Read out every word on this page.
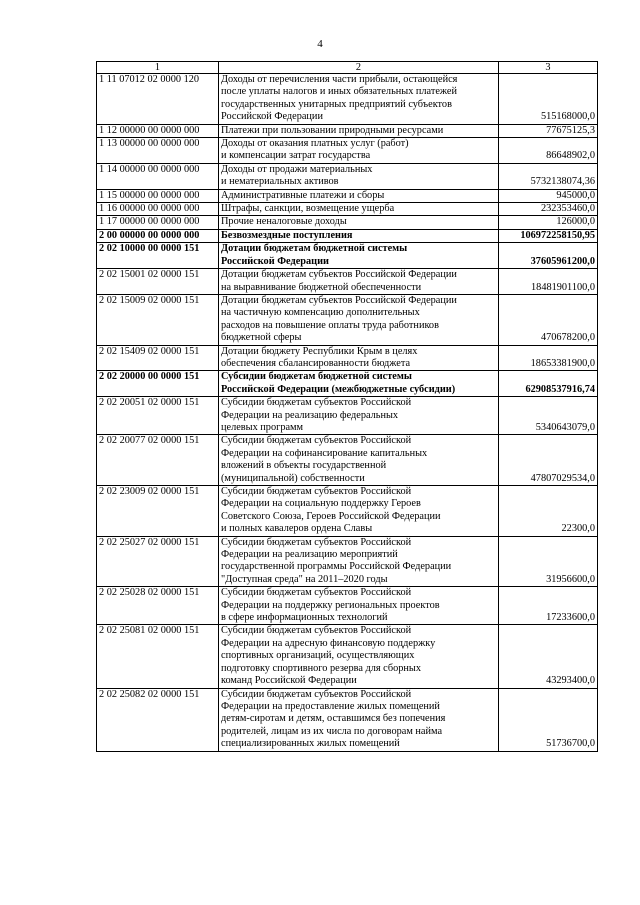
4
1	2	3
1 11 07012 02 0000 120	Доходы от перечисления части прибыли, остающейся
после уплаты налогов и иных обязательных платежей
государственных унитарных предприятий субъектов
Российской Федерации	515168000,0
1 12 00000 00 0000 000	Платежи при пользовании природными ресурсами	77675125,3
1 13 00000 00 0000 000	Доходы от оказания платных услуг (работ)
и компенсации затрат государства	86648902,0
1 14 00000 00 0000 000	Доходы от продажи материальных
и нематериальных активов	5732138074,36
1 15 00000 00 0000 000	Административные платежи и сборы	945000,0
1 16 00000 00 0000 000	Штрафы, санкции, возмещение ущерба	232353460,0
1 17 00000 00 0000 000	Прочие неналоговые доходы	126000,0
2 00 00000 00 0000 000	Безвозмездные поступления	106972258150,95
2 02 10000 00 0000 151	Дотации бюджетам бюджетной системы
Российской Федерации	37605961200,0
2 02 15001 02 0000 151	Дотации бюджетам субъектов Российской Федерации
на выравнивание бюджетной обеспеченности	18481901100,0
2 02 15009 02 0000 151	Дотации бюджетам субъектов Российской Федерации
на частичную компенсацию дополнительных
расходов на повышение оплаты труда работников
бюджетной сферы	470678200,0
2 02 15409 02 0000 151	Дотации бюджету Республики Крым в целях
обеспечения сбалансированности бюджета	18653381900,0
2 02 20000 00 0000 151	Субсидии бюджетам бюджетной системы
Российской Федерации (межбюджетные субсидии)	62908537916,74
2 02 20051 02 0000 151	Субсидии бюджетам субъектов Российской
Федерации на реализацию федеральных
целевых программ	5340643079,0
2 02 20077 02 0000 151	Субсидии бюджетам субъектов Российской
Федерации на софинансирование капитальных
вложений в объекты государственной
(муниципальной) собственности	47807029534,0
2 02 23009 02 0000 151	Субсидии бюджетам субъектов Российской
Федерации на социальную поддержку Героев
Советского Союза, Героев Российской Федерации
и полных кавалеров ордена Славы	22300,0
2 02 25027 02 0000 151	Субсидии бюджетам субъектов Российской
Федерации на реализацию мероприятий
государственной программы Российской Федерации
"Доступная среда" на 2011–2020 годы	31956600,0
2 02 25028 02 0000 151	Субсидии бюджетам субъектов Российской
Федерации на поддержку региональных проектов
в сфере информационных технологий	17233600,0
2 02 25081 02 0000 151	Субсидии бюджетам субъектов Российской
Федерации на адресную финансовую поддержку
спортивных организаций, осуществляющих
подготовку спортивного резерва для сборных
команд Российской Федерации	43293400,0
2 02 25082 02 0000 151	Субсидии бюджетам субъектов Российской
Федерации на предоставление жилых помещений
детям-сиротам и детям, оставшимся без попечения
родителей, лицам из их числа по договорам найма
специализированных жилых помещений	51736700,0
